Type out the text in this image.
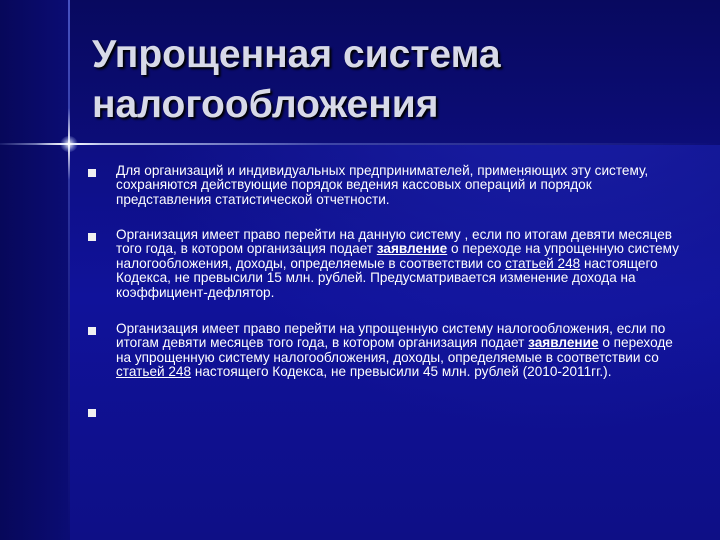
Упрощенная система
налогообложения
Для организаций и индивидуальных предпринимателей, применяющих эту систему, сохраняются действующие порядок ведения кассовых операций и порядок представления статистической отчетности.
Организация имеет право перейти на данную систему , если по итогам девяти месяцев того года, в котором организация подает заявление о переходе на упрощенную систему налогообложения, доходы, определяемые в соответствии со статьей 248 настоящего Кодекса, не превысили 15 млн. рублей. Предусматривается изменение дохода на коэффициент-дефлятор.
Организация имеет право перейти на упрощенную систему налогообложения, если по итогам девяти месяцев того года, в котором организация подает заявление о переходе на упрощенную систему налогообложения, доходы, определяемые в соответствии со статьей 248 настоящего Кодекса, не превысили 45 млн. рублей (2010-2011гг.).
